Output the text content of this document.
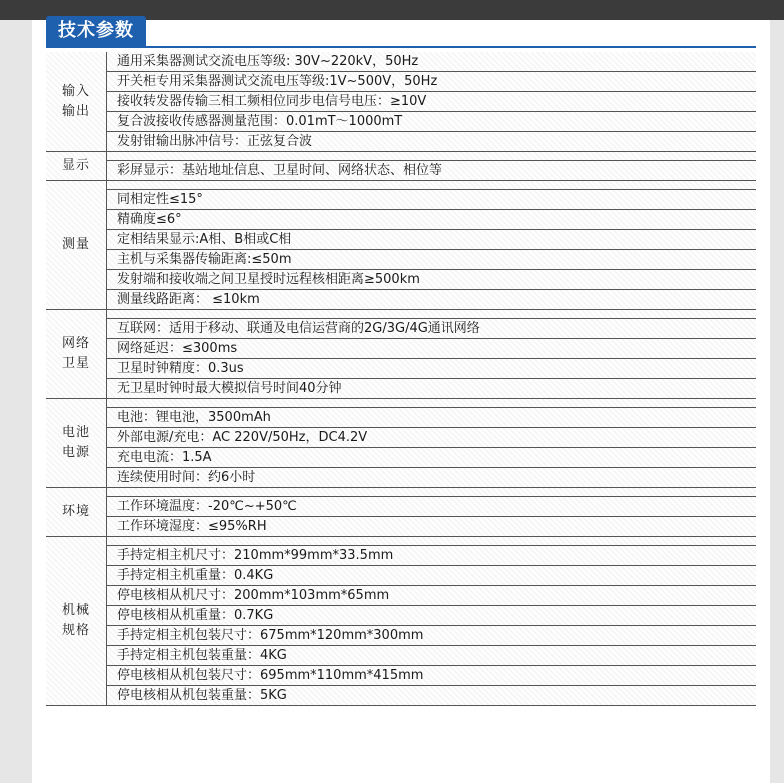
技术参数
输入
输出
通用采集器测试交流电压等级: 30V~220kV，50Hz
开关柜专用采集器测试交流电压等级:1V~500V，50Hz
接收转发器传输三相工频相位同步电信号电压：≥10V
复合波接收传感器测量范围：0.01mT～1000mT
发射钳输出脉冲信号：正弦复合波
显示	彩屏显示：基站地址信息、卫星时间、网络状态、相位等
测量
同相定性≤15°
精确度≤6°
定相结果显示:A相、B相或C相
主机与采集器传输距离:≤50m
发射端和接收端之间卫星授时远程核相距离≥500km
测量线路距离： ≤10km
网络
卫星
互联网：适用于移动、联通及电信运营商的2G/3G/4G通讯网络
网络延迟：≤300ms
卫星时钟精度：0.3us
无卫星时钟时最大模拟信号时间40分钟
电池
电源
电池：锂电池，3500mAh
外部电源/充电：AC 220V/50Hz，DC4.2V
充电电流：1.5A
连续使用时间：约6小时
环境	工作环境温度：-20℃~+50℃
工作环境湿度：≤95%RH
机械
规格
手持定相主机尺寸：210mm*99mm*33.5mm
手持定相主机重量：0.4KG
停电核相从机尺寸：200mm*103mm*65mm
停电核相从机重量：0.7KG
手持定相主机包装尺寸：675mm*120mm*300mm
手持定相主机包装重量：4KG
停电核相从机包装尺寸：695mm*110mm*415mm
停电核相从机包装重量：5KG
